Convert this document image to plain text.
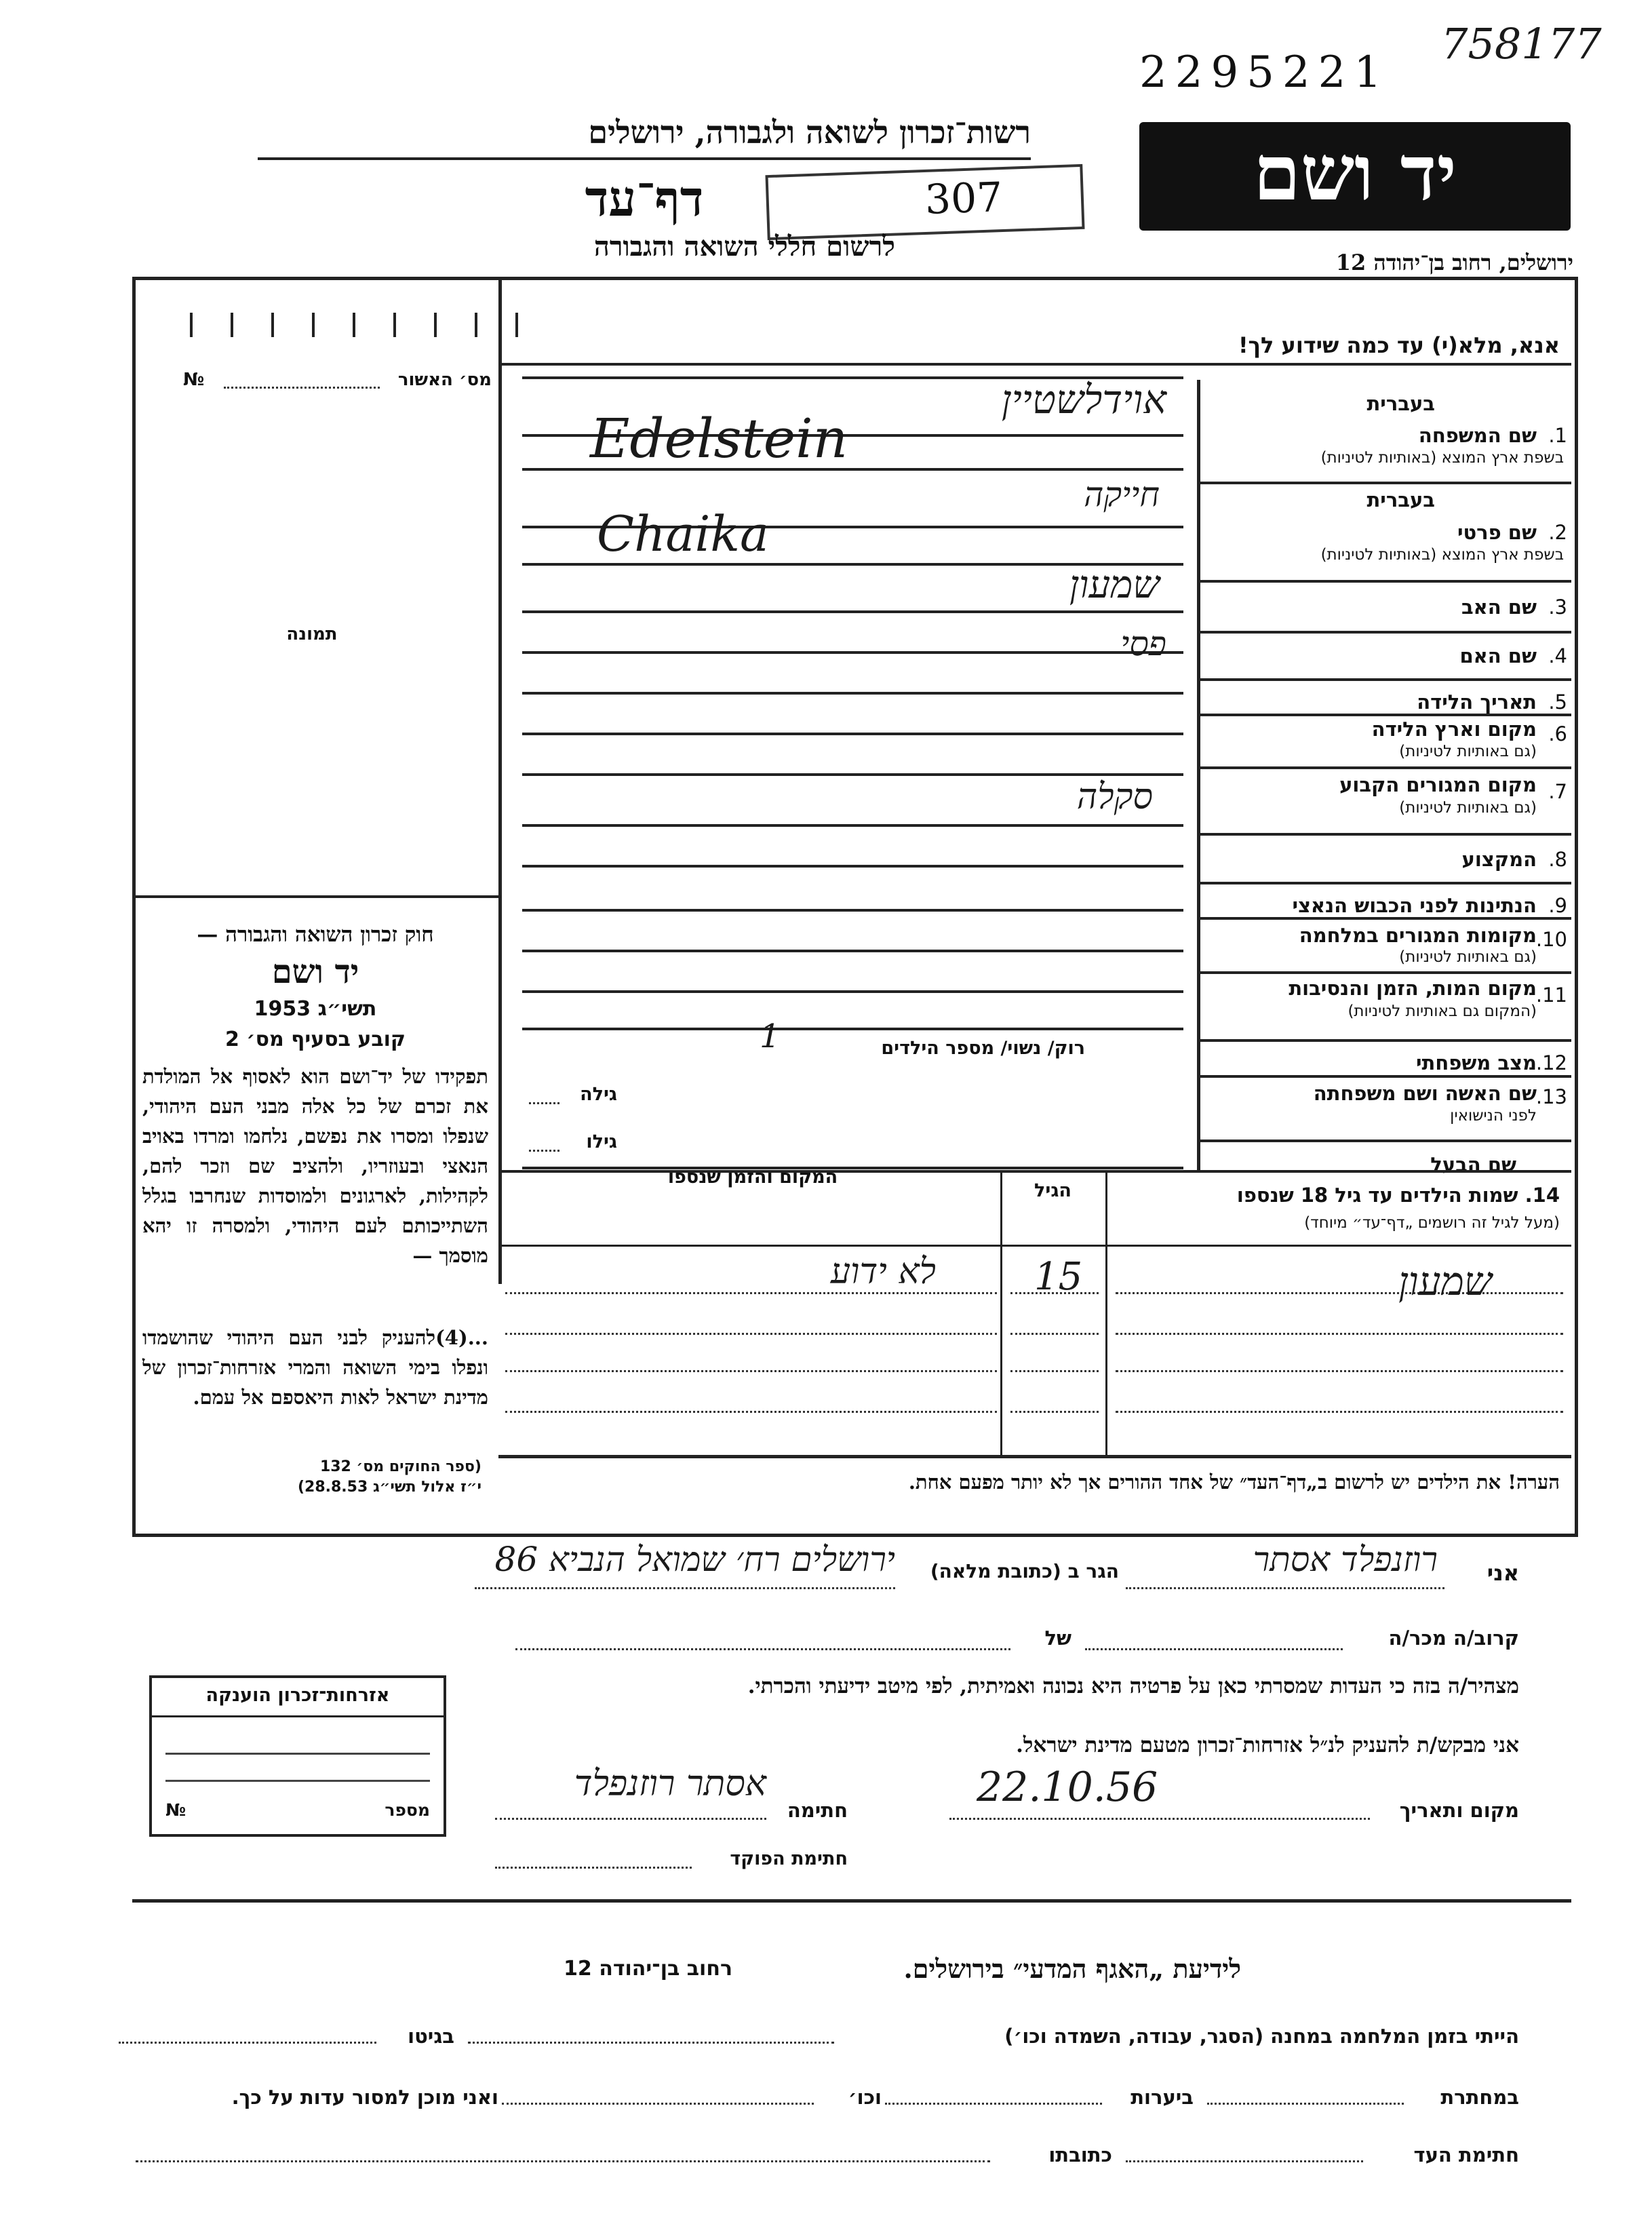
2295221
758177
רשות־זכרון לשואה ולגבורה, ירושלים
307
דף־עד
לרשום חללי השואה והגבורה
יד ושם
ירושלים, רחוב בן־יהודה 12
אנא, מלא(י) עד כמה שידוע לך!
מס׳ האשור
№
תמונה
חוק זכרון השואה והגבורה —
יד ושם
תשי״ג 1953
קובע בסעיף מס׳ 2
תפקידו של יד־ושם הוא לאסוף אל המולדת את זכרם של כל אלה מבני העם היהודי, שנפלו ומסרו את נפשם, נלחמו ומרדו באויב הנאצי ובעוזריו, ולהציב שם וזכר להם, לקהילות, לארגונים ולמוסדות שנחרבו בגלל השתייכותם לעם היהודי, ולמסרה זו יהא מוסמך —
...(4)להעניק לבני העם היהודי שהושמדו ונפלו בימי השואה והמרי אזרחות־זכרון של מדינת ישראל לאות היאספם אל עמם.
(ספר החוקים מס׳ 132
י״ז אלול תשי״ג 28.8.53)
בעברית
1.
שם המשפחה
בשפת ארץ המוצא (באותיות לטיניות)
בעברית
2.
שם פרטי
בשפת ארץ המוצא (באותיות לטיניות)
3.
שם האב
4.
שם האם
5.
תאריך הלידה
6.
מקום וארץ הלידה
(גם באותיות לטיניות)
7.
מקום המגורים הקבוע
(גם באותיות לטיניות)
8.
המקצוע
9.
הנתינות לפני הכבוש הנאצי
10.
מקומות המגורים במלחמה
(גם באותיות לטיניות)
11.
מקום המות, הזמן והנסיבות
(המקום גם באותיות לטיניות)
12.
מצב משפחתי
13.
שם האשה ושם משפחתה
לפני הנישואין
שם הבעל
אוידלשטיין
Edelstein
חייקה
Chaika
שמעון
פסי
סקלה
רוק/ נשוי/ מספר הילדים
1
גילה
גילו
14. שמות הילדים עד גיל 18 שנספו
(מעל לגיל זה רושמים „דף־עד״ מיוחד)
הגיל
המקום והזמן שנספו
שמעון
15
לא ידוע
הערה! את הילדים יש לרשום ב„דף־העד״ של אחד ההורים אך לא יותר מפעם אחת.
אני
רוזנפלד אסתר
הגר ב (כתובת מלאה)
ירושלים רח׳ שמואל הנביא 86
קרוב/ה מכר/ה
של
מצהיר/ה בזה כי העדות שמסרתי כאן על פרטיה היא נכונה ואמיתית, לפי מיטב ידיעתי והכרתי.
אני מבקש/ת להעניק לנ״ל אזרחות־זכרון מטעם מדינת ישראל.
מקום ותאריך
22.10.56
חתימה
אסתר רוזנפלד
חתימת הפוקד
אזרחות־זכרון הוענקה
מספר
№
לידיעת „האגף המדעי״ בירושלים.
רחוב בן־יהודה 12
הייתי בזמן המלחמה במחנה (הסגר, עבודה, השמדה וכו׳)
בגיטו
במחתרת
ביערות
וכו׳
ואני מוכן למסור עדות על כך.
חתימת העד
כתובתו
